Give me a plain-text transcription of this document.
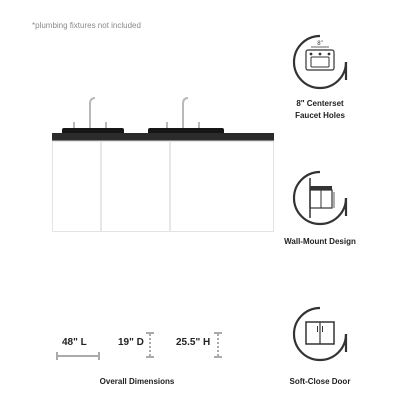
*plumbing fixtures not included
8"
8" Centerset
Faucet Holes
Wall-Mount Design
Soft-Close Door
48" L	19" D	25.5" H
Overall Dimensions
